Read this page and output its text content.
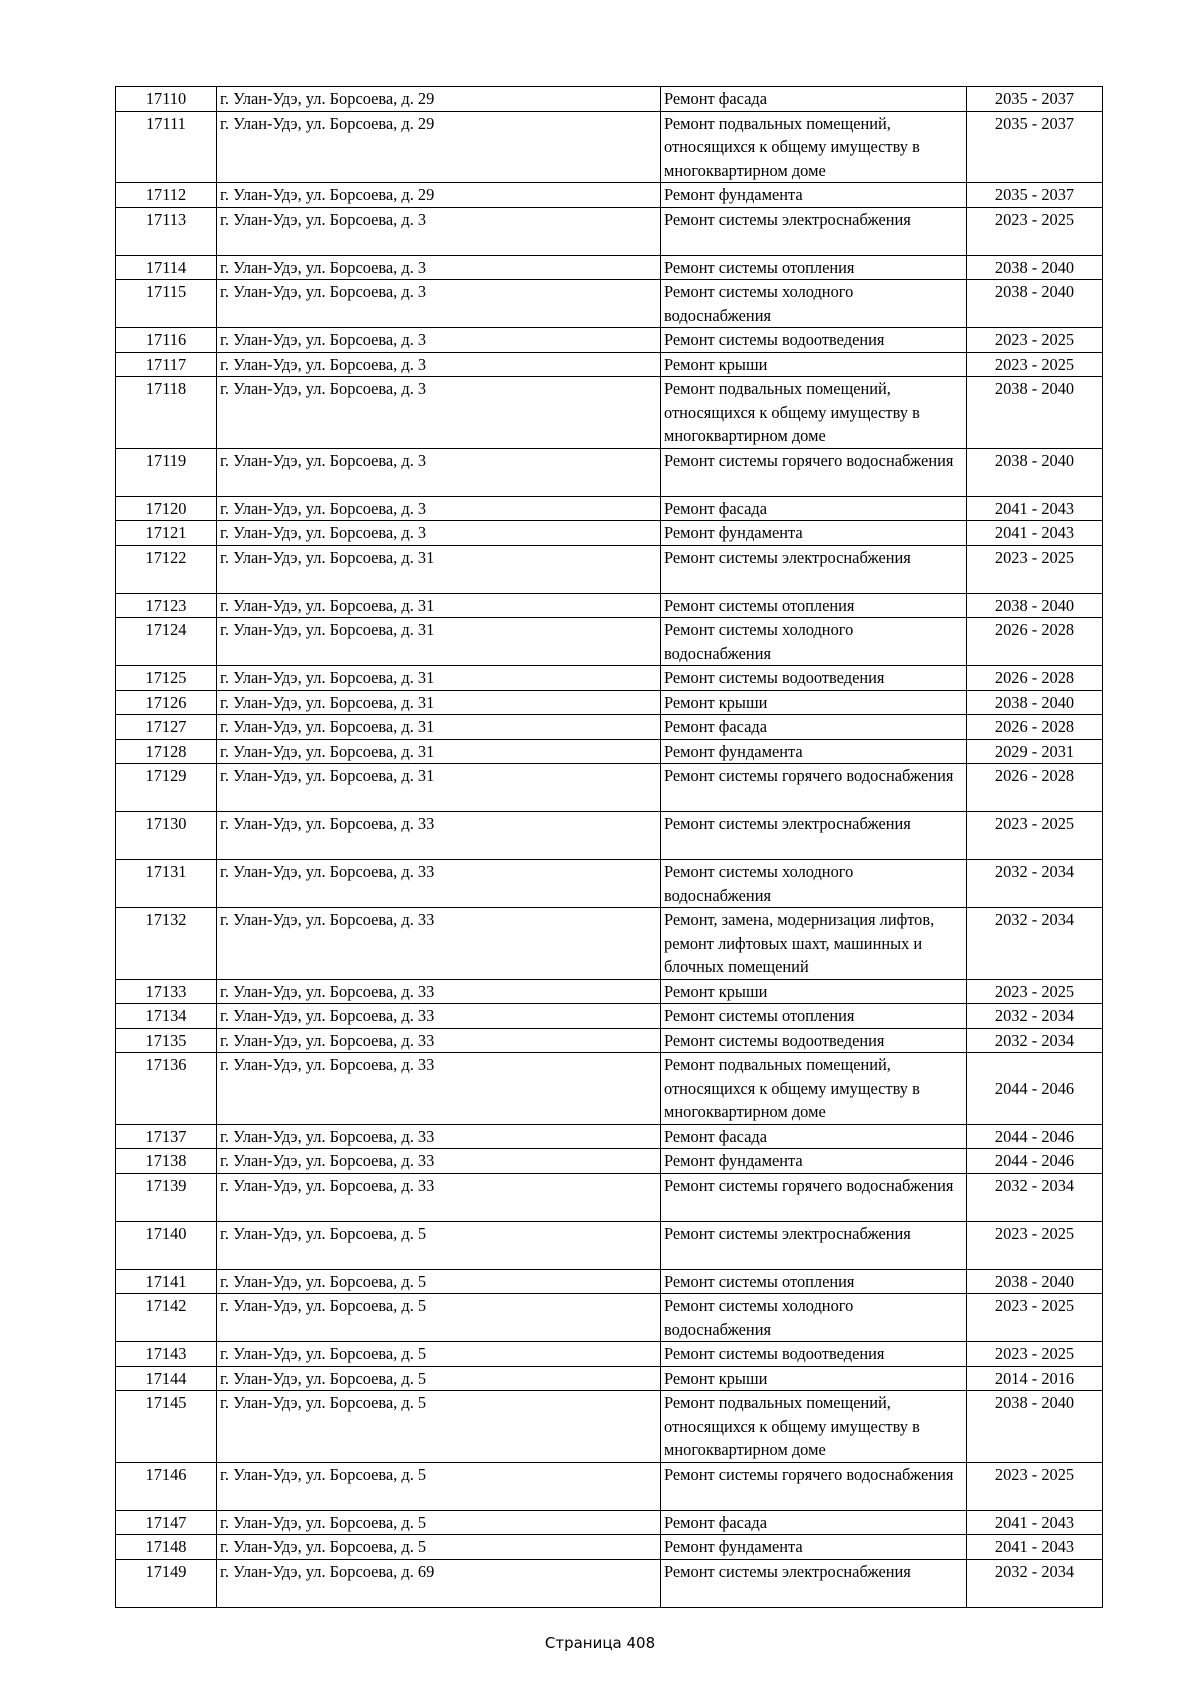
17110	г. Улан-Удэ, ул. Борсоева, д. 29	Ремонт фасада	2035 - 2037
17111	г. Улан-Удэ, ул. Борсоева, д. 29	Ремонт подвальных помещений, относящихся к общему имуществу в многоквартирном доме	2035 - 2037
17112	г. Улан-Удэ, ул. Борсоева, д. 29	Ремонт фундамента	2035 - 2037
17113	г. Улан-Удэ, ул. Борсоева, д. 3	Ремонт системы электроснабжения	2023 - 2025
17114	г. Улан-Удэ, ул. Борсоева, д. 3	Ремонт системы отопления	2038 - 2040
17115	г. Улан-Удэ, ул. Борсоева, д. 3	Ремонт системы холодного водоснабжения	2038 - 2040
17116	г. Улан-Удэ, ул. Борсоева, д. 3	Ремонт системы водоотведения	2023 - 2025
17117	г. Улан-Удэ, ул. Борсоева, д. 3	Ремонт крыши	2023 - 2025
17118	г. Улан-Удэ, ул. Борсоева, д. 3	Ремонт подвальных помещений, относящихся к общему имуществу в многоквартирном доме	2038 - 2040
17119	г. Улан-Удэ, ул. Борсоева, д. 3	Ремонт системы горячего водоснабжения	2038 - 2040
17120	г. Улан-Удэ, ул. Борсоева, д. 3	Ремонт фасада	2041 - 2043
17121	г. Улан-Удэ, ул. Борсоева, д. 3	Ремонт фундамента	2041 - 2043
17122	г. Улан-Удэ, ул. Борсоева, д. 31	Ремонт системы электроснабжения	2023 - 2025
17123	г. Улан-Удэ, ул. Борсоева, д. 31	Ремонт системы отопления	2038 - 2040
17124	г. Улан-Удэ, ул. Борсоева, д. 31	Ремонт системы холодного водоснабжения	2026 - 2028
17125	г. Улан-Удэ, ул. Борсоева, д. 31	Ремонт системы водоотведения	2026 - 2028
17126	г. Улан-Удэ, ул. Борсоева, д. 31	Ремонт крыши	2038 - 2040
17127	г. Улан-Удэ, ул. Борсоева, д. 31	Ремонт фасада	2026 - 2028
17128	г. Улан-Удэ, ул. Борсоева, д. 31	Ремонт фундамента	2029 - 2031
17129	г. Улан-Удэ, ул. Борсоева, д. 31	Ремонт системы горячего водоснабжения	2026 - 2028
17130	г. Улан-Удэ, ул. Борсоева, д. 33	Ремонт системы электроснабжения	2023 - 2025
17131	г. Улан-Удэ, ул. Борсоева, д. 33	Ремонт системы холодного водоснабжения	2032 - 2034
17132	г. Улан-Удэ, ул. Борсоева, д. 33	Ремонт, замена, модернизация лифтов, ремонт лифтовых шахт, машинных и блочных помещений	2032 - 2034
17133	г. Улан-Удэ, ул. Борсоева, д. 33	Ремонт крыши	2023 - 2025
17134	г. Улан-Удэ, ул. Борсоева, д. 33	Ремонт системы отопления	2032 - 2034
17135	г. Улан-Удэ, ул. Борсоева, д. 33	Ремонт системы водоотведения	2032 - 2034
17136	г. Улан-Удэ, ул. Борсоева, д. 33	Ремонт подвальных помещений, относящихся к общему имуществу в многоквартирном доме	2044 - 2046
17137	г. Улан-Удэ, ул. Борсоева, д. 33	Ремонт фасада	2044 - 2046
17138	г. Улан-Удэ, ул. Борсоева, д. 33	Ремонт фундамента	2044 - 2046
17139	г. Улан-Удэ, ул. Борсоева, д. 33	Ремонт системы горячего водоснабжения	2032 - 2034
17140	г. Улан-Удэ, ул. Борсоева, д. 5	Ремонт системы электроснабжения	2023 - 2025
17141	г. Улан-Удэ, ул. Борсоева, д. 5	Ремонт системы отопления	2038 - 2040
17142	г. Улан-Удэ, ул. Борсоева, д. 5	Ремонт системы холодного водоснабжения	2023 - 2025
17143	г. Улан-Удэ, ул. Борсоева, д. 5	Ремонт системы водоотведения	2023 - 2025
17144	г. Улан-Удэ, ул. Борсоева, д. 5	Ремонт крыши	2014 - 2016
17145	г. Улан-Удэ, ул. Борсоева, д. 5	Ремонт подвальных помещений, относящихся к общему имуществу в многоквартирном доме	2038 - 2040
17146	г. Улан-Удэ, ул. Борсоева, д. 5	Ремонт системы горячего водоснабжения	2023 - 2025
17147	г. Улан-Удэ, ул. Борсоева, д. 5	Ремонт фасада	2041 - 2043
17148	г. Улан-Удэ, ул. Борсоева, д. 5	Ремонт фундамента	2041 - 2043
17149	г. Улан-Удэ, ул. Борсоева, д. 69	Ремонт системы электроснабжения	2032 - 2034
Страница 408
